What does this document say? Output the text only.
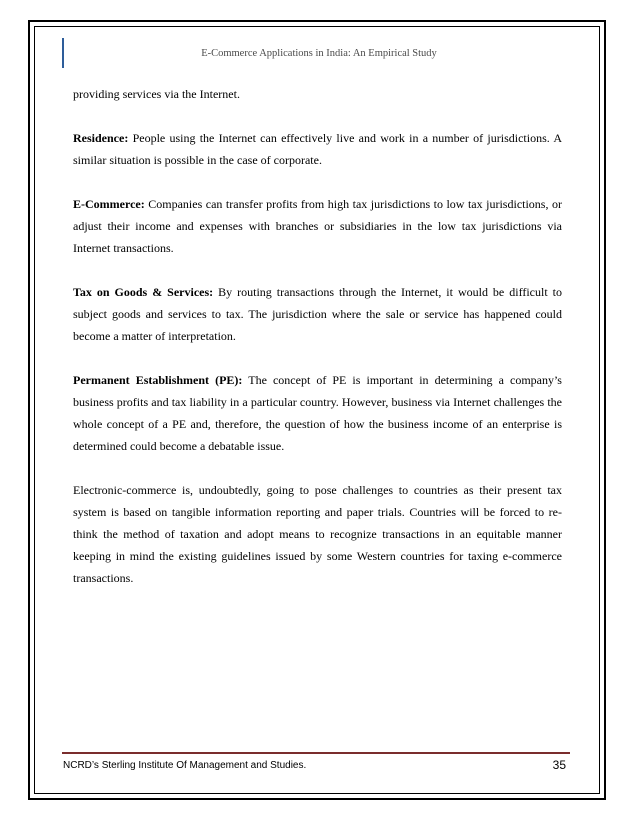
E-Commerce Applications in India: An Empirical Study

providing services via the Internet.

Residence: People using the Internet can effectively live and work in a number of jurisdictions. A similar situation is possible in the case of corporate.

E-Commerce: Companies can transfer profits from high tax jurisdictions to low tax jurisdictions, or adjust their income and expenses with branches or subsidiaries in the low tax jurisdictions via Internet transactions.

Tax on Goods & Services: By routing transactions through the Internet, it would be difficult to subject goods and services to tax. The jurisdiction where the sale or service has happened could become a matter of interpretation.

Permanent Establishment (PE): The concept of PE is important in determining a company’s business profits and tax liability in a particular country. However, business via Internet challenges the whole concept of a PE and, therefore, the question of how the business income of an enterprise is determined could become a debatable issue.

Electronic-commerce is, undoubtedly, going to pose challenges to countries as their present tax system is based on tangible information reporting and paper trials. Countries will be forced to re-think the method of taxation and adopt means to recognize transactions in an equitable manner keeping in mind the existing guidelines issued by some Western countries for taxing e-commerce transactions.

NCRD’s Sterling Institute Of Management and Studies.	35
